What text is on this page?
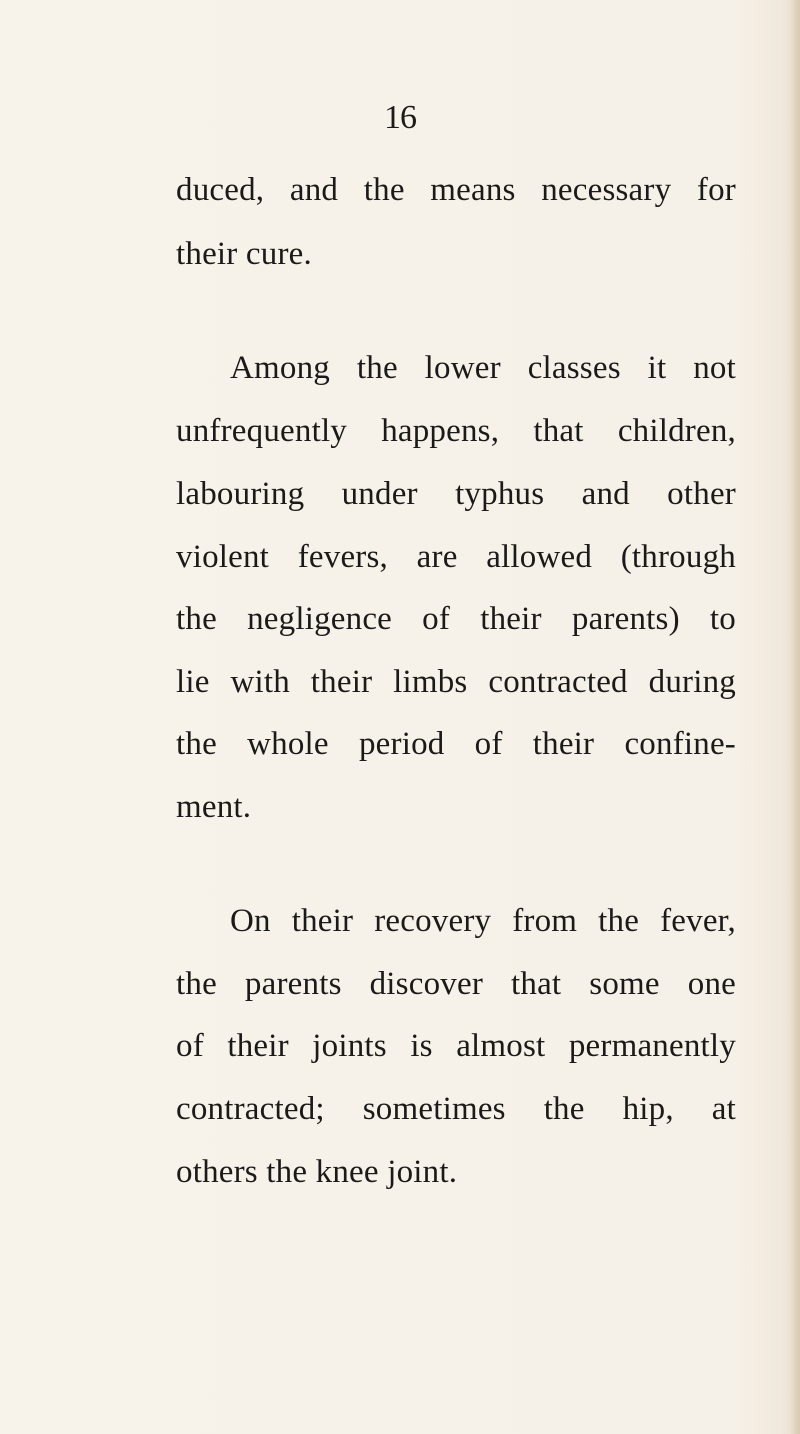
16
duced, and the means necessary for
their cure.
Among the lower classes it not
unfrequently happens, that children,
labouring under typhus and other
violent fevers, are allowed (through
the negligence of their parents) to
lie with their limbs contracted during
the whole period of their confine-
ment.
On their recovery from the fever,
the parents discover that some one
of their joints is almost permanently
contracted; sometimes the hip, at
others the knee joint.
